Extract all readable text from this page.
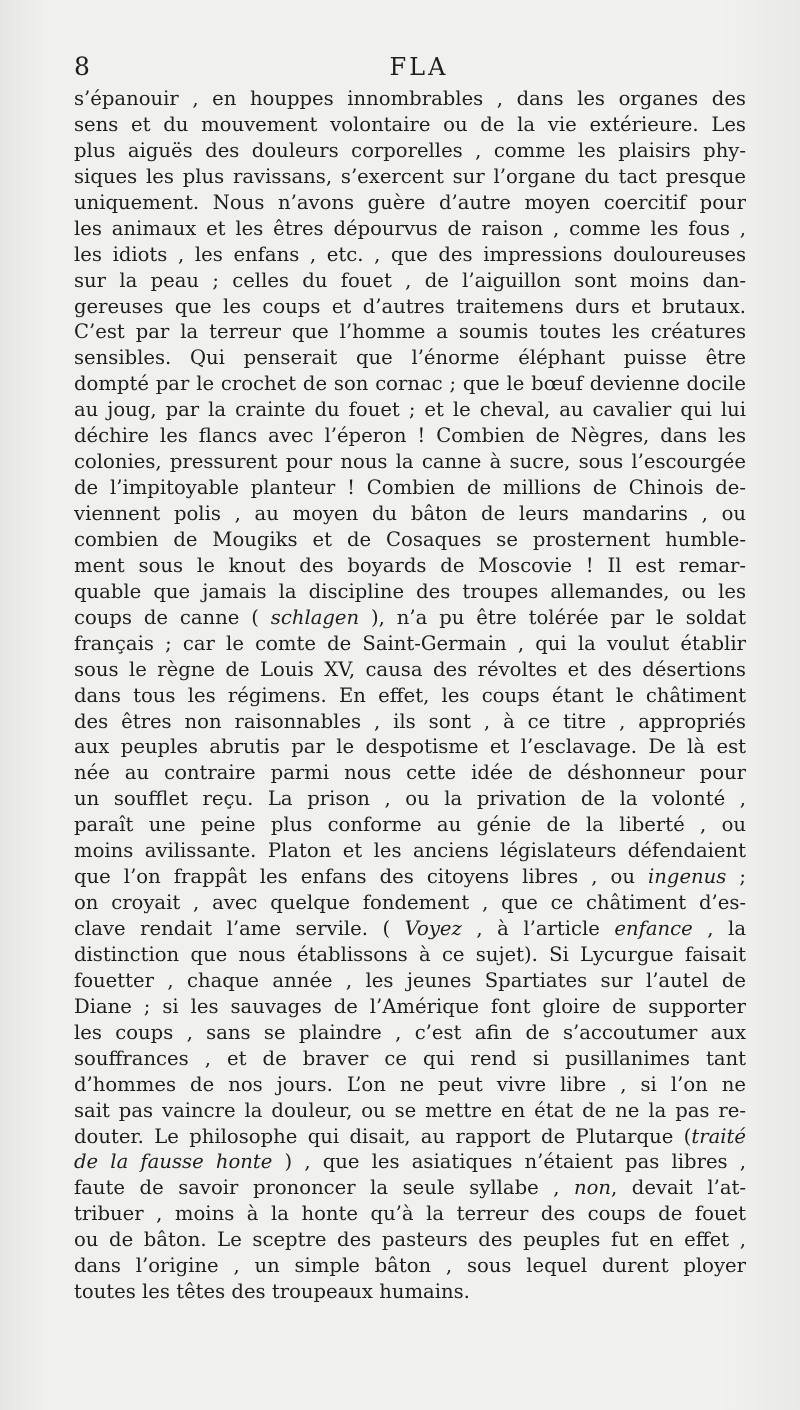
8	FLA
s’épanouir , en houppes innombrables , dans les organes des
sens et du mouvement volontaire ou de la vie extérieure. Les
plus aiguës des douleurs corporelles , comme les plaisirs phy-
siques les plus ravissans, s’exercent sur l’organe du tact presque
uniquement. Nous n’avons guère d’autre moyen coercitif pour
les animaux et les êtres dépourvus de raison , comme les fous ,
les idiots , les enfans , etc. , que des impressions douloureuses
sur la peau ; celles du fouet , de l’aiguillon sont moins dan-
gereuses que les coups et d’autres traitemens durs et brutaux.
C’est par la terreur que l’homme a soumis toutes les créatures
sensibles. Qui penserait que l’énorme éléphant puisse être
dompté par le crochet de son cornac ; que le bœuf devienne docile
au joug, par la crainte du fouet ; et le cheval, au cavalier qui lui
déchire les flancs avec l’éperon ! Combien de Nègres, dans les
colonies, pressurent pour nous la canne à sucre, sous l’escourgée
de l’impitoyable planteur ! Combien de millions de Chinois de-
viennent polis , au moyen du bâton de leurs mandarins , ou
combien de Mougiks et de Cosaques se prosternent humble-
ment sous le knout des boyards de Moscovie ! Il est remar-
quable que jamais la discipline des troupes allemandes, ou les
coups de canne ( schlagen ), n’a pu être tolérée par le soldat
français ; car le comte de Saint-Germain , qui la voulut établir
sous le règne de Louis XV, causa des révoltes et des désertions
dans tous les régimens. En effet, les coups étant le châtiment
des êtres non raisonnables , ils sont , à ce titre , appropriés
aux peuples abrutis par le despotisme et l’esclavage. De là est
née au contraire parmi nous cette idée de déshonneur pour
un soufflet reçu. La prison , ou la privation de la volonté ,
paraît une peine plus conforme au génie de la liberté , ou
moins avilissante. Platon et les anciens législateurs défendaient
que l’on frappât les enfans des citoyens libres , ou ingenus ;
on croyait , avec quelque fondement , que ce châtiment d’es-
clave rendait l’ame servile. ( Voyez , à l’article enfance , la
distinction que nous établissons à ce sujet). Si Lycurgue faisait
fouetter , chaque année , les jeunes Spartiates sur l’autel de
Diane ; si les sauvages de l’Amérique font gloire de supporter
les coups , sans se plaindre , c’est afin de s’accoutumer aux
souffrances , et de braver ce qui rend si pusillanimes tant
d’hommes de nos jours. L’on ne peut vivre libre , si l’on ne
sait pas vaincre la douleur, ou se mettre en état de ne la pas re-
douter. Le philosophe qui disait, au rapport de Plutarque (traité
de la fausse honte ) , que les asiatiques n’étaient pas libres ,
faute de savoir prononcer la seule syllabe , non, devait l’at-
tribuer , moins à la honte qu’à la terreur des coups de fouet
ou de bâton. Le sceptre des pasteurs des peuples fut en effet ,
dans l’origine , un simple bâton , sous lequel durent ployer
toutes les têtes des troupeaux humains.
